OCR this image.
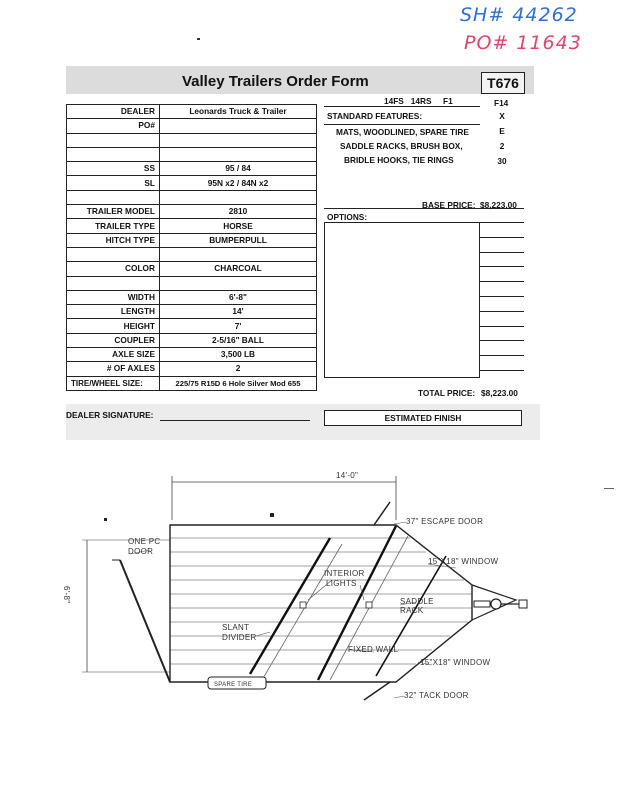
SH# 44262
PO# 11643
Valley Trailers Order Form	T676
14FS   14RS     F1	F14
DEALER	Leonards Truck & Trailer
PO#	

SS	95 / 84
SL	95N x2 / 84N x2

TRAILER MODEL	2810
TRAILER TYPE	HORSE
HITCH TYPE	BUMPERPULL

COLOR	CHARCOAL

WIDTH	6'-8"
LENGTH	14'
HEIGHT	7'
COUPLER	2-5/16" BALL
AXLE SIZE	3,500 LB
# OF AXLES	2
TIRE/WHEEL SIZE:	225/75 R15D 6 Hole Silver Mod 655
STANDARD FEATURES:
MATS, WOODLINED, SPARE TIRE
SADDLE RACKS, BRUSH BOX,
BRIDLE HOOKS, TIE RINGS
X
E
2
30
BASE PRICE: $8,223.00
OPTIONS:
TOTAL PRICE: $8,223.00
DEALER SIGNATURE:	ESTIMATED FINISH
14'-0"
6'-8"
SPARE TIRE
37" ESCAPE DOOR
15"X18" WINDOW
15"X18" WINDOW
32" TACK DOOR
FIXED WALL
ONE PC DOOR
INTERIOR LIGHTS
SADDLE RACK
SLANT DIVIDER
